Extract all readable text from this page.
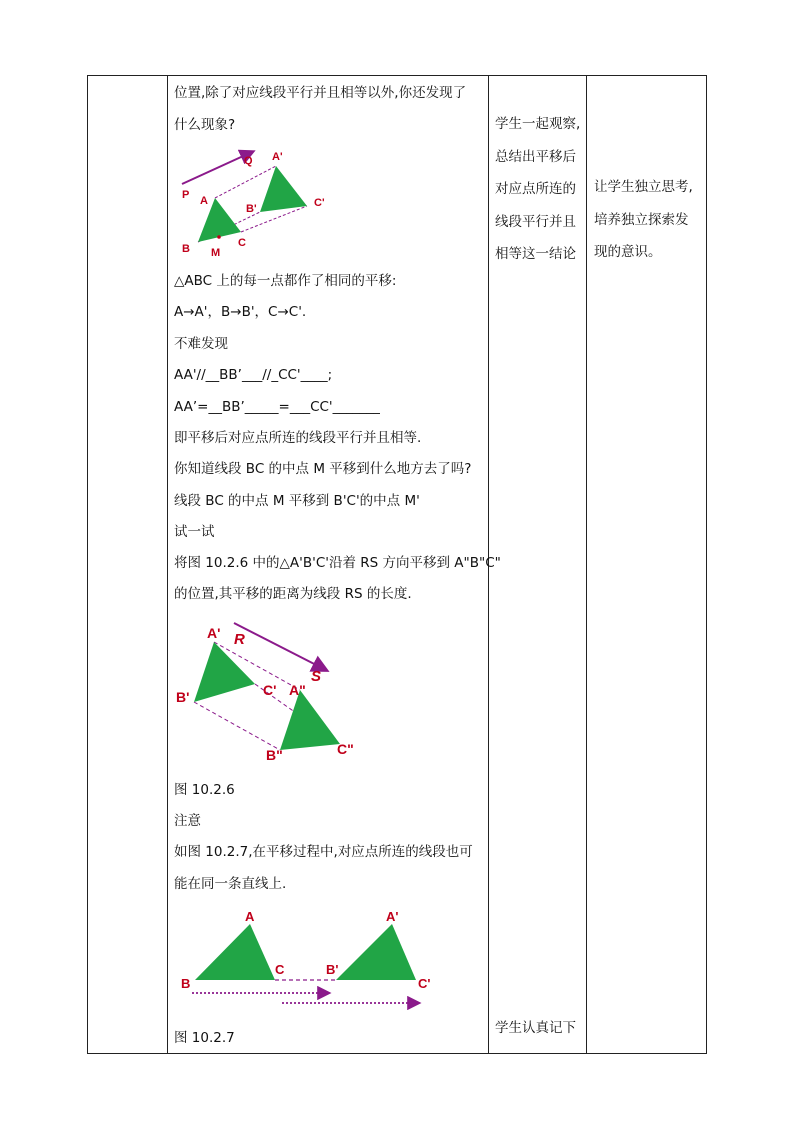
位置,除了对应线段平行并且相等以外,你还发现了
什么现象?
P
Q
A
B M
C
A'
B'	C'
△ABC 上的每一点都作了相同的平移:
A→A'，B→B'，C→C'.
不难发现
AA'//__BB’___//_CC'____;
AA’=__BB’_____=___CC'_______
即平移后对应点所连的线段平行并且相等.
你知道线段 BC 的中点 M 平移到什么地方去了吗?
线段 BC 的中点 M 平移到 B'C'的中点 M'
试一试
将图 10.2.6 中的△A'B'C'沿着 RS 方向平移到 A"B"C"
的位置,其平移的距离为线段 RS 的长度.
A' R
B'	C' A"
S
B"	C"
图 10.2.6
注意
如图 10.2.7,在平移过程中,对应点所连的线段也可
能在同一条直线上.
A
B
C
A'
B'
C'
图 10.2.7
学生一起观察,
总结出平移后
对应点所连的
线段平行并且
相等这一结论
学生认真记下
让学生独立思考,
培养独立探索发
现的意识。
